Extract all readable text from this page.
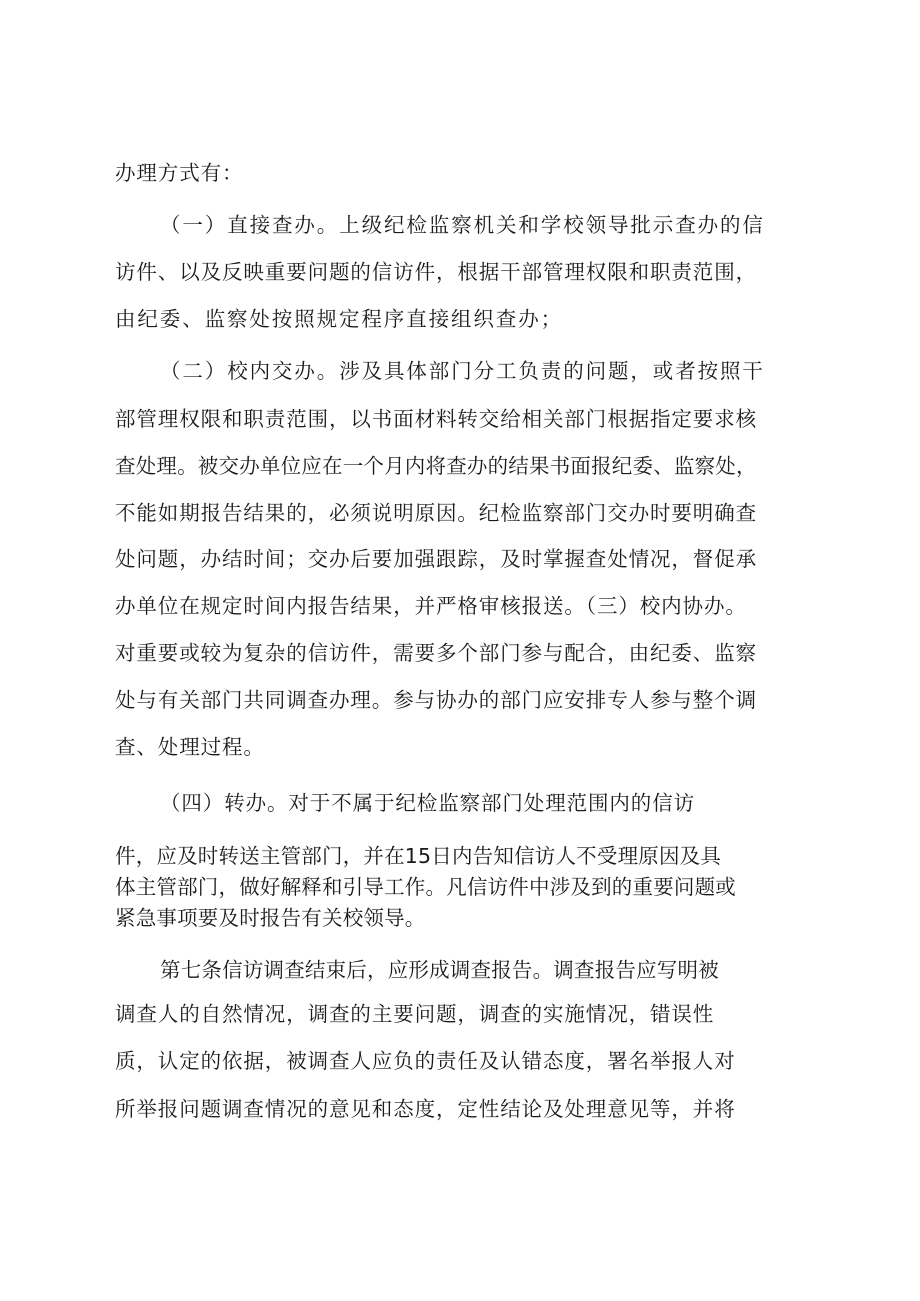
办理方式有：
（一）直接查办。上级纪检监察机关和学校领导批示查办的信
访件、以及反映重要问题的信访件，根据干部管理权限和职责范围，
由纪委、监察处按照规定程序直接组织查办；
（二）校内交办。涉及具体部门分工负责的问题，或者按照干
部管理权限和职责范围，以书面材料转交给相关部门根据指定要求核
查处理。被交办单位应在一个月内将查办的结果书面报纪委、监察处，
不能如期报告结果的，必须说明原因。纪检监察部门交办时要明确查
处问题，办结时间；交办后要加强跟踪，及时掌握查处情况，督促承
办单位在规定时间内报告结果，并严格审核报送。（三）校内协办。
对重要或较为复杂的信访件，需要多个部门参与配合，由纪委、监察
处与有关部门共同调查办理。参与协办的部门应安排专人参与整个调
查、处理过程。
（四）转办。对于不属于纪检监察部门处理范围内的信访
件，应及时转送主管部门，并在15日内告知信访人不受理原因及具
体主管部门，做好解释和引导工作。凡信访件中涉及到的重要问题或
紧急事项要及时报告有关校领导。
第七条信访调查结束后，应形成调查报告。调查报告应写明被
调查人的自然情况，调查的主要问题，调查的实施情况，错误性
质，认定的依据，被调查人应负的责任及认错态度，署名举报人对
所举报问题调查情况的意见和态度，定性结论及处理意见等，并将
